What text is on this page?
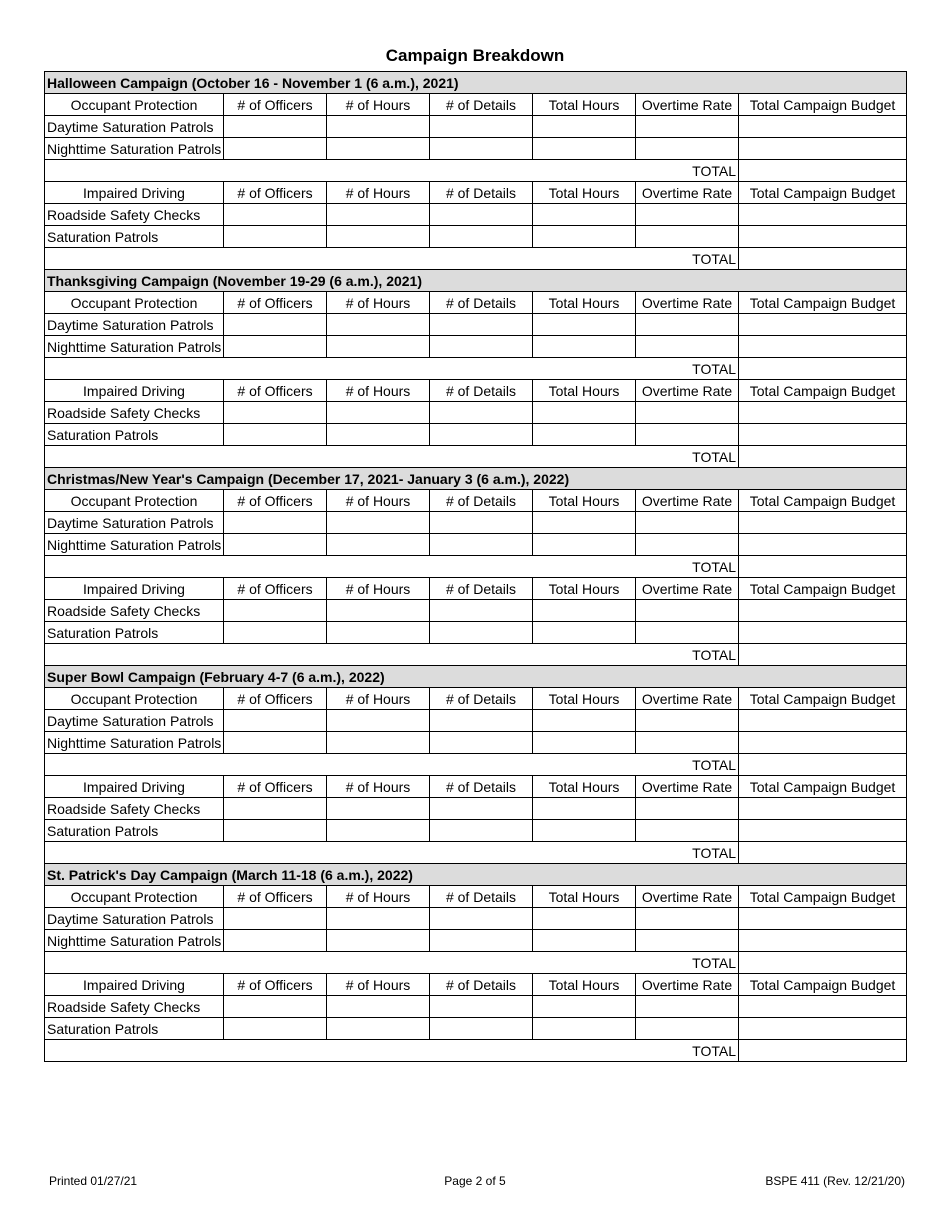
Campaign Breakdown
Halloween Campaign (October 16 - November 1 (6 a.m.), 2021)						
Occupant Protection	# of Officers	# of Hours	# of Details	Total Hours	Overtime Rate	Total Campaign Budget
Daytime Saturation Patrols						
Nighttime Saturation Patrols						
TOTAL						
Impaired Driving	# of Officers	# of Hours	# of Details	Total Hours	Overtime Rate	Total Campaign Budget
Roadside Safety Checks						
Saturation Patrols						
TOTAL						
Thanksgiving Campaign (November 19-29 (6 a.m.), 2021)						
Occupant Protection	# of Officers	# of Hours	# of Details	Total Hours	Overtime Rate	Total Campaign Budget
Daytime Saturation Patrols						
Nighttime Saturation Patrols						
TOTAL						
Impaired Driving	# of Officers	# of Hours	# of Details	Total Hours	Overtime Rate	Total Campaign Budget
Roadside Safety Checks						
Saturation Patrols						
TOTAL						
Christmas/New Year's Campaign (December 17, 2021- January 3 (6 a.m.), 2022)						
Occupant Protection	# of Officers	# of Hours	# of Details	Total Hours	Overtime Rate	Total Campaign Budget
Daytime Saturation Patrols						
Nighttime Saturation Patrols						
TOTAL						
Impaired Driving	# of Officers	# of Hours	# of Details	Total Hours	Overtime Rate	Total Campaign Budget
Roadside Safety Checks						
Saturation Patrols						
TOTAL						
Super Bowl Campaign (February 4-7 (6 a.m.), 2022)						
Occupant Protection	# of Officers	# of Hours	# of Details	Total Hours	Overtime Rate	Total Campaign Budget
Daytime Saturation Patrols						
Nighttime Saturation Patrols						
TOTAL						
Impaired Driving	# of Officers	# of Hours	# of Details	Total Hours	Overtime Rate	Total Campaign Budget
Roadside Safety Checks						
Saturation Patrols						
TOTAL						
St. Patrick's Day Campaign (March 11-18 (6 a.m.), 2022)						
Occupant Protection	# of Officers	# of Hours	# of Details	Total Hours	Overtime Rate	Total Campaign Budget
Daytime Saturation Patrols						
Nighttime Saturation Patrols						
TOTAL						
Impaired Driving	# of Officers	# of Hours	# of Details	Total Hours	Overtime Rate	Total Campaign Budget
Roadside Safety Checks						
Saturation Patrols						
TOTAL						
Printed 01/27/21	Page 2 of 5	BSPE 411 (Rev. 12/21/20)
